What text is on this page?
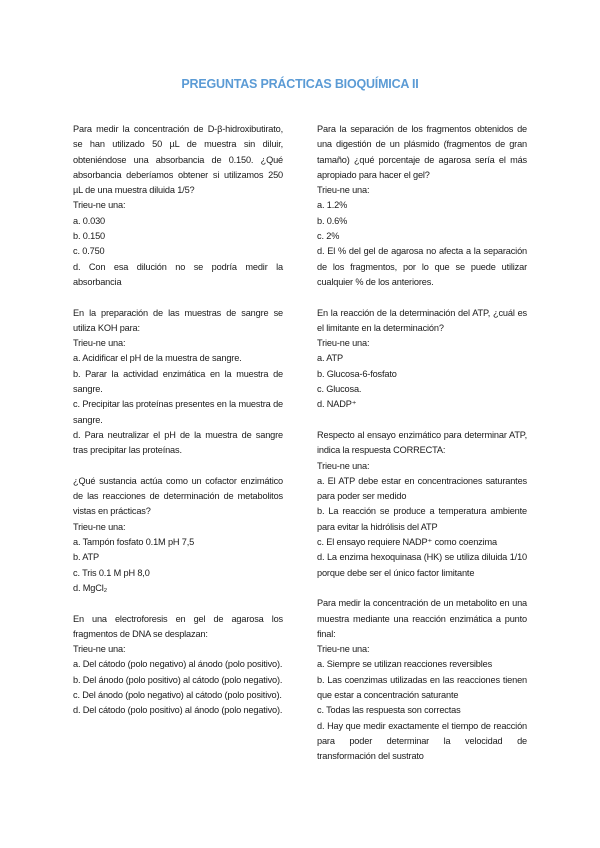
PREGUNTAS PRÁCTICAS BIOQUÍMICA II

Para medir la concentración de D-β-hidroxibutirato, se han utilizado 50 µL de muestra sin diluir, obteniéndose una absorbancia de 0.150. ¿Qué absorbancia deberíamos obtener si utilizamos 250 µL de una muestra diluida 1/5?

Trieu-ne una:

a. 0.030

b. 0.150

c. 0.750

d. Con esa dilución no se podría medir la absorbancia

En la preparación de las muestras de sangre se utiliza KOH para:

Trieu-ne una:

a. Acidificar el pH de la muestra de sangre.

b. Parar la actividad enzimática en la muestra de sangre.

c. Precipitar las proteínas presentes en la muestra de sangre.

d. Para neutralizar el pH de la muestra de sangre tras precipitar las proteínas.

¿Qué sustancia actúa como un cofactor enzimático de las reacciones de determinación de metabolitos vistas en prácticas?

Trieu-ne una:

a. Tampón fosfato 0.1M pH 7,5

b. ATP

c. Tris 0.1 M pH 8,0

d. MgCl₂

En una electroforesis en gel de agarosa los fragmentos de DNA se desplazan:

Trieu-ne una:

a. Del cátodo (polo negativo) al ánodo (polo positivo).

b. Del ánodo (polo positivo) al cátodo (polo negativo).

c. Del ánodo (polo negativo) al cátodo (polo positivo).

d. Del cátodo (polo positivo) al ánodo (polo negativo).

Para la separación de los fragmentos obtenidos de una digestión de un plásmido (fragmentos de gran tamaño) ¿qué porcentaje de agarosa sería el más apropiado para hacer el gel?

Trieu-ne una:

a. 1.2%

b. 0.6%

c. 2%

d. El % del gel de agarosa no afecta a la separación de los fragmentos, por lo que se puede utilizar cualquier % de los anteriores.

En la reacción de la determinación del ATP, ¿cuál es el limitante en la determinación?

Trieu-ne una:

a. ATP

b. Glucosa-6-fosfato

c. Glucosa.

d. NADP⁺

Respecto al ensayo enzimático para determinar ATP, indica la respuesta CORRECTA:

Trieu-ne una:

a. El ATP debe estar en concentraciones saturantes para poder ser medido

b. La reacción se produce a temperatura ambiente para evitar la hidrólisis del ATP

c. El ensayo requiere NADP⁺ como coenzima

d. La enzima hexoquinasa (HK) se utiliza diluida 1/10 porque debe ser el único factor limitante

Para medir la concentración de un metabolito en una muestra mediante una reacción enzimática a punto final:

Trieu-ne una:

a. Siempre se utilizan reacciones reversibles

b. Las coenzimas utilizadas en las reacciones tienen que estar a concentración saturante

c. Todas las respuesta son correctas

d. Hay que medir exactamente el tiempo de reacción para poder determinar la velocidad de transformación del sustrato
